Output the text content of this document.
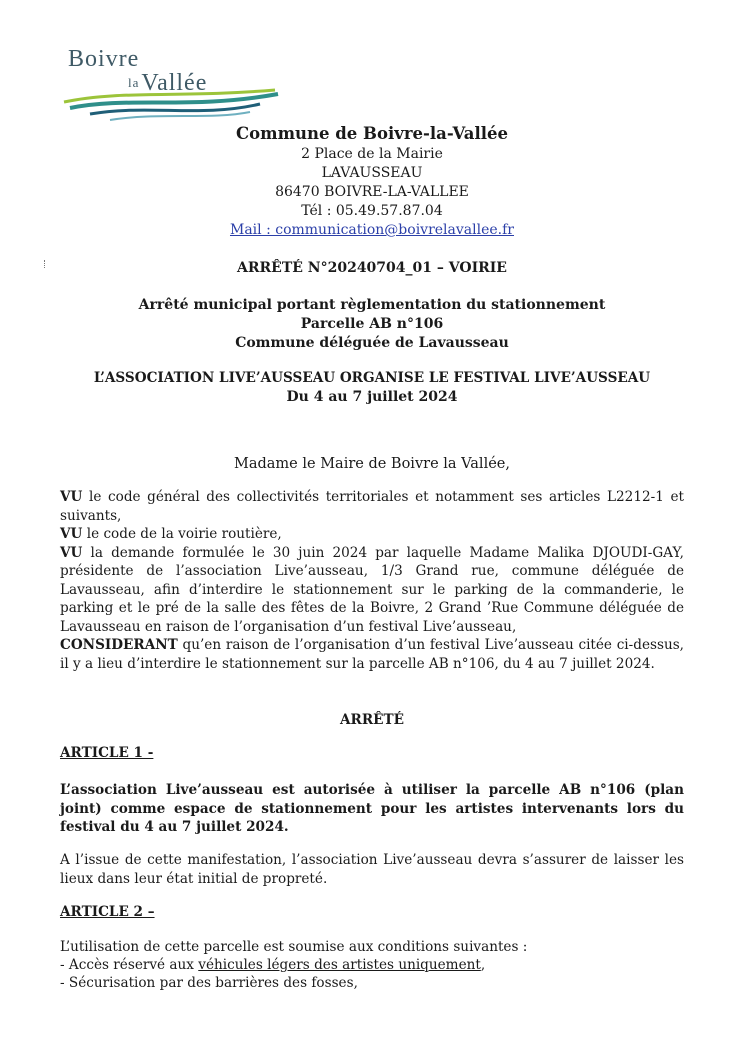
Boivre
laVallée
Commune de Boivre-la-Vallée
2 Place de la Mairie
LAVAUSSEAU
86470 BOIVRE-LA-VALLEE
Tél : 05.49.57.87.04
Mail : communication@boivrelavallee.fr
ARRÊTÉ N°20240704_01 – VOIRIE
Arrêté municipal portant règlementation du stationnement
Parcelle AB n°106
Commune déléguée de Lavausseau
L’ASSOCIATION LIVE’AUSSEAU ORGANISE LE FESTIVAL LIVE’AUSSEAU
Du 4 au 7 juillet 2024
Madame le Maire de Boivre la Vallée,

VU le code général des collectivités territoriales et notamment ses articles L2212-1 et suivants,

VU le code de la voirie routière,

VU la demande formulée le 30 juin 2024 par laquelle Madame Malika DJOUDI-GAY, présidente de l’association Live’ausseau, 1/3 Grand rue, commune déléguée de Lavausseau, afin d’interdire le stationnement sur le parking de la commanderie, le parking et le pré de la salle des fêtes de la Boivre, 2 Grand ’Rue Commune déléguée de Lavausseau en raison de l’organisation d’un festival Live’ausseau,

CONSIDERANT qu’en raison de l’organisation d’un festival Live’ausseau citée ci-dessus, il y a lieu d’interdire le stationnement sur la parcelle AB n°106, du 4 au 7 juillet 2024.

ARRÊTÉ
ARTICLE 1 -
L’association Live’ausseau est autorisée à utiliser la parcelle AB n°106 (plan joint) comme espace de stationnement pour les artistes intervenants lors du festival du 4 au 7 juillet 2024.
A l’issue de cette manifestation, l’association Live’ausseau devra s’assurer de laisser les lieux dans leur état initial de propreté.
ARTICLE 2 –
L’utilisation de cette parcelle est soumise aux conditions suivantes :
- Accès réservé aux véhicules légers des artistes uniquement,
- Sécurisation par des barrières des fosses,
